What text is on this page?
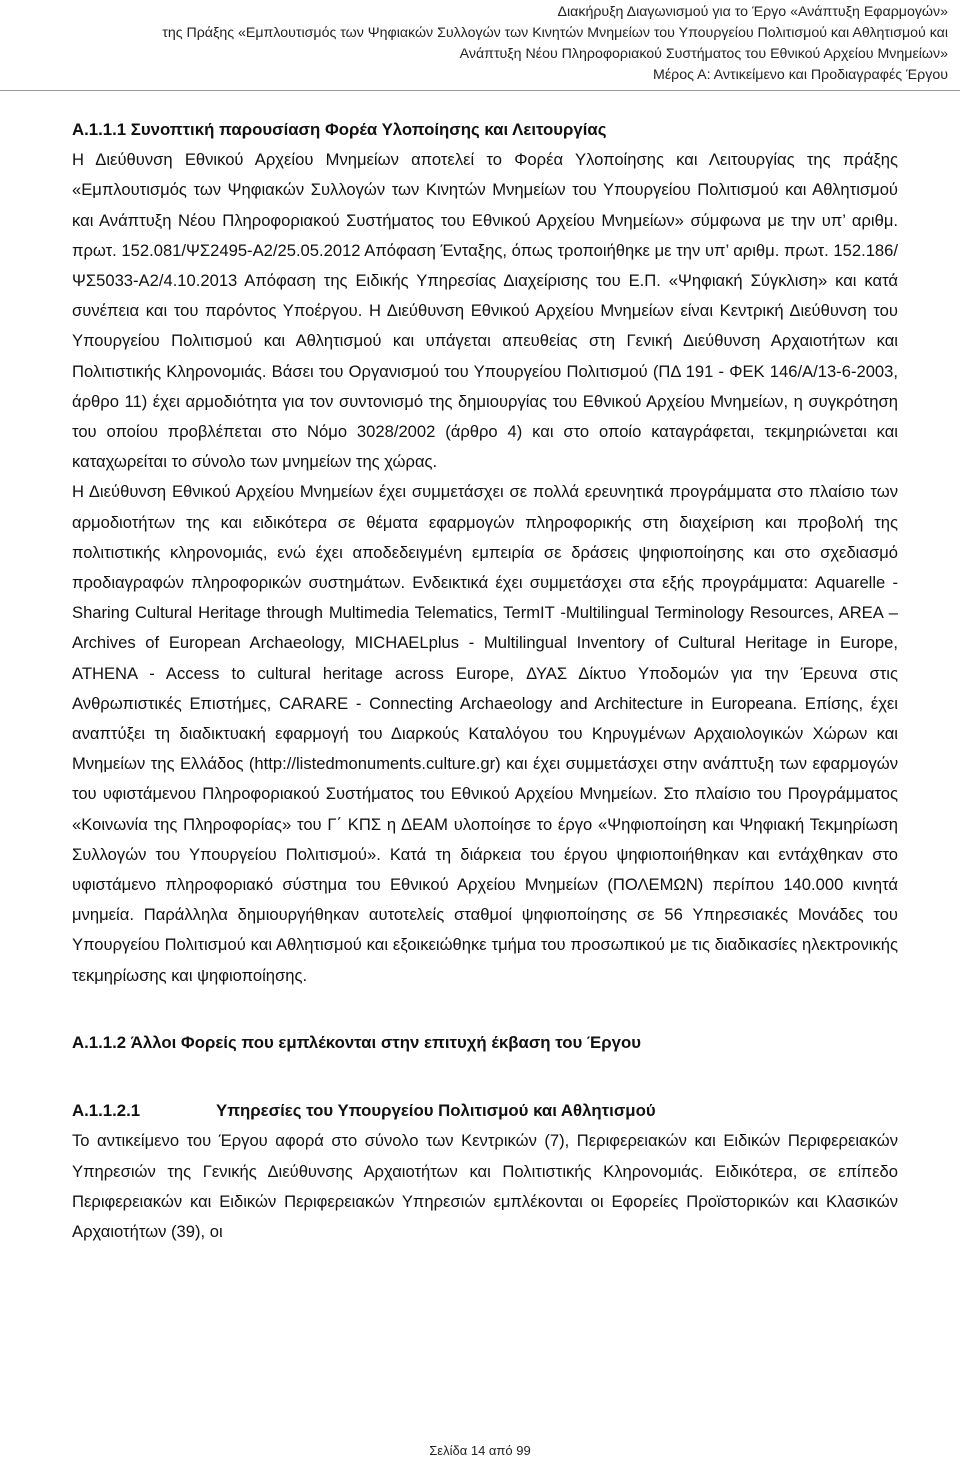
Διακήρυξη Διαγωνισμού για το Έργο «Ανάπτυξη Εφαρμογών»
της Πράξης «Εμπλουτισμός των Ψηφιακών Συλλογών των Κινητών Μνημείων του Υπουργείου Πολιτισμού και Αθλητισμού και
Ανάπτυξη Νέου Πληροφοριακού Συστήματος του Εθνικού Αρχείου Μνημείων»
Μέρος Α: Αντικείμενο και Προδιαγραφές Έργου

A.1.1.1 Συνοπτική παρουσίαση Φορέα Υλοποίησης και Λειτουργίας

Η Διεύθυνση Εθνικού Αρχείου Μνημείων αποτελεί το Φορέα Υλοποίησης και Λειτουργίας της πράξης «Εμπλουτισμός των Ψηφιακών Συλλογών των Κινητών Μνημείων του Υπουργείου Πολιτισμού και Αθλητισμού και Ανάπτυξη Νέου Πληροφοριακού Συστήματος του Εθνικού Αρχείου Μνημείων» σύμφωνα με την υπ’ αριθμ. πρωτ. 152.081/ΨΣ2495-Α2/25.05.2012 Απόφαση Ένταξης, όπως τροποιήθηκε με την υπ’ αριθμ. πρωτ. 152.186/ΨΣ5033-Α2/4.10.2013 Απόφαση της Ειδικής Υπηρεσίας Διαχείρισης του Ε.Π. «Ψηφιακή Σύγκλιση» και κατά συνέπεια και του παρόντος Υποέργου. Η Διεύθυνση Εθνικού Αρχείου Μνημείων είναι Κεντρική Διεύθυνση του Υπουργείου Πολιτισμού και Αθλητισμού και υπάγεται απευθείας στη Γενική Διεύθυνση Αρχαιοτήτων και Πολιτιστικής Κληρονομιάς. Βάσει του Οργανισμού του Υπουργείου Πολιτισμού (ΠΔ 191 - ΦΕΚ 146/Α/13-6-2003, άρθρο 11) έχει αρμοδιότητα για τον συντονισμό της δημιουργίας του Εθνικού Αρχείου Μνημείων, η συγκρότηση του οποίου προβλέπεται στο Νόμο 3028/2002 (άρθρο 4) και στο οποίο καταγράφεται, τεκμηριώνεται και καταχωρείται το σύνολο των μνημείων της χώρας.

Η Διεύθυνση Εθνικού Αρχείου Μνημείων έχει συμμετάσχει σε πολλά ερευνητικά προγράμματα στο πλαίσιο των αρμοδιοτήτων της και ειδικότερα σε θέματα εφαρμογών πληροφορικής στη διαχείριση και προβολή της πολιτιστικής κληρονομιάς, ενώ έχει αποδεδειγμένη εμπειρία σε δράσεις ψηφιοποίησης και στο σχεδιασμό προδιαγραφών πληροφορικών συστημάτων. Ενδεικτικά έχει συμμετάσχει στα εξής προγράμματα: Aquarelle - Sharing Cultural Heritage through Multimedia Telematics, TermIT -Multilingual Terminology Resources, AREA – Archives of European Archaeology, MICHAELplus - Multilingual Inventory of Cultural Heritage in Europe, ATHENA - Access to cultural heritage across Europe, ΔΥΑΣ Δίκτυο Υποδομών για την Έρευνα στις Ανθρωπιστικές Επιστήμες, CARARE - Connecting Archaeology and Architecture in Europeana. Επίσης, έχει αναπτύξει τη διαδικτυακή εφαρμογή του Διαρκούς Καταλόγου του Κηρυγμένων Αρχαιολογικών Χώρων και Μνημείων της Ελλάδος (http://listedmonuments.culture.gr) και έχει συμμετάσχει στην ανάπτυξη των εφαρμογών του υφιστάμενου Πληροφοριακού Συστήματος του Εθνικού Αρχείου Μνημείων. Στο πλαίσιο του Προγράμματος «Κοινωνία της Πληροφορίας» του Γ΄ ΚΠΣ η ΔΕΑΜ υλοποίησε το έργο «Ψηφιοποίηση και Ψηφιακή Τεκμηρίωση Συλλογών του Υπουργείου Πολιτισμού». Κατά τη διάρκεια του έργου ψηφιοποιήθηκαν και εντάχθηκαν στο υφιστάμενο πληροφοριακό σύστημα του Εθνικού Αρχείου Μνημείων (ΠΟΛΕΜΩΝ) περίπου 140.000 κινητά μνημεία. Παράλληλα δημιουργήθηκαν αυτοτελείς σταθμοί ψηφιοποίησης σε 56 Υπηρεσιακές Μονάδες του Υπουργείου Πολιτισμού και Αθλητισμού και εξοικειώθηκε τμήμα του προσωπικού με τις διαδικασίες ηλεκτρονικής τεκμηρίωσης και ψηφιοποίησης.

A.1.1.2 Άλλοι Φορείς που εμπλέκονται στην επιτυχή έκβαση του Έργου

A.1.1.2.1	Υπηρεσίες του Υπουργείου Πολιτισμού και Αθλητισμού

Το αντικείμενο του Έργου αφορά στο σύνολο των Κεντρικών (7), Περιφερειακών και Ειδικών Περιφερειακών Υπηρεσιών της Γενικής Διεύθυνσης Αρχαιοτήτων και Πολιτιστικής Κληρονομιάς. Ειδικότερα, σε επίπεδο Περιφερειακών και Ειδικών Περιφερειακών Υπηρεσιών εμπλέκονται οι Εφορείες Προϊστορικών και Κλασικών Αρχαιοτήτων (39), οι

Σελίδα 14 από 99
